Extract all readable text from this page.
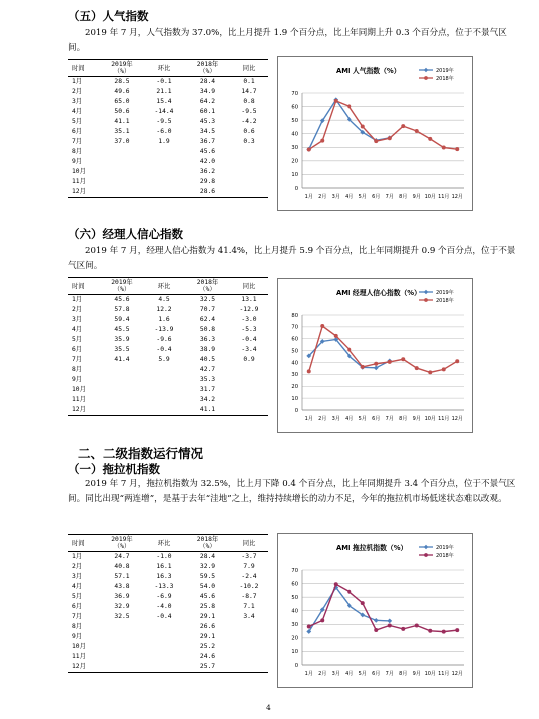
（五）人气指数
2019 年 7 月，人气指数为 37.0%，比上月提升 1.9 个百分点，比上年同期上升 0.3 个百分点，位于不景气区间。
时间	2019年
（%）	环比	2018年
（%）	同比
1月	28.5	-0.1	28.4	0.1
2月	49.6	21.1	34.9	14.7
3月	65.0	15.4	64.2	0.8
4月	50.6	-14.4	60.1	-9.5
5月	41.1	-9.5	45.3	-4.2
6月	35.1	-6.0	34.5	0.6
7月	37.0	1.9	36.7	0.3
8月			45.6	
9月			42.0	
10月			36.2	
11月			29.8	
12月			28.6	
AMI 人气指数（%）	2019年
2018年
0
10
20
30
40
50
60
70
1月 2月 3月 4月 5月 6月 7月 8月 9月 10月 11月 12月
（六）经理人信心指数
2019 年 7 月，经理人信心指数为 41.4%，比上月提升 5.9 个百分点，比上年同期提升 0.9 个百分点，位于不景气区间。
时间	2019年
（%）	环比	2018年
（%）	同比
1月	45.6	4.5	32.5	13.1
2月	57.8	12.2	70.7	-12.9
3月	59.4	1.6	62.4	-3.0
4月	45.5	-13.9	50.8	-5.3
5月	35.9	-9.6	36.3	-0.4
6月	35.5	-0.4	38.9	-3.4
7月	41.4	5.9	40.5	0.9
8月			42.7	
9月			35.3	
10月			31.7	
11月			34.2	
12月			41.1	
AMI 经理人信心指数（%）	2019年
2018年
0
10
20
30
40
50
60
70
80
1月 2月 3月 4月 5月 6月 7月 8月 9月 10月 11月 12月
二、二级指数运行情况
（一）拖拉机指数
2019 年 7 月，拖拉机指数为 32.5%，比上月下降 0.4 个百分点，比上年同期提升 3.4 个百分点，位于不景气区间。同比出现“两连增”，是基于去年“洼地”之上，维持持续增长的动力不足，今年的拖拉机市场低迷状态难以改观。
时间	2019年
（%）	环比	2018年
（%）	同比
1月	24.7	-1.0	28.4	-3.7
2月	40.8	16.1	32.9	7.9
3月	57.1	16.3	59.5	-2.4
4月	43.8	-13.3	54.0	-10.2
5月	36.9	-6.9	45.6	-8.7
6月	32.9	-4.0	25.8	7.1
7月	32.5	-0.4	29.1	3.4
8月			26.6	
9月			29.1	
10月			25.2	
11月			24.6	
12月			25.7	
AMI 拖拉机指数（%）	2019年
2018年
0
10
20
30
40
50
60
70
1月 2月 3月 4月 5月 6月 7月 8月 9月 10月 11月 12月
4
